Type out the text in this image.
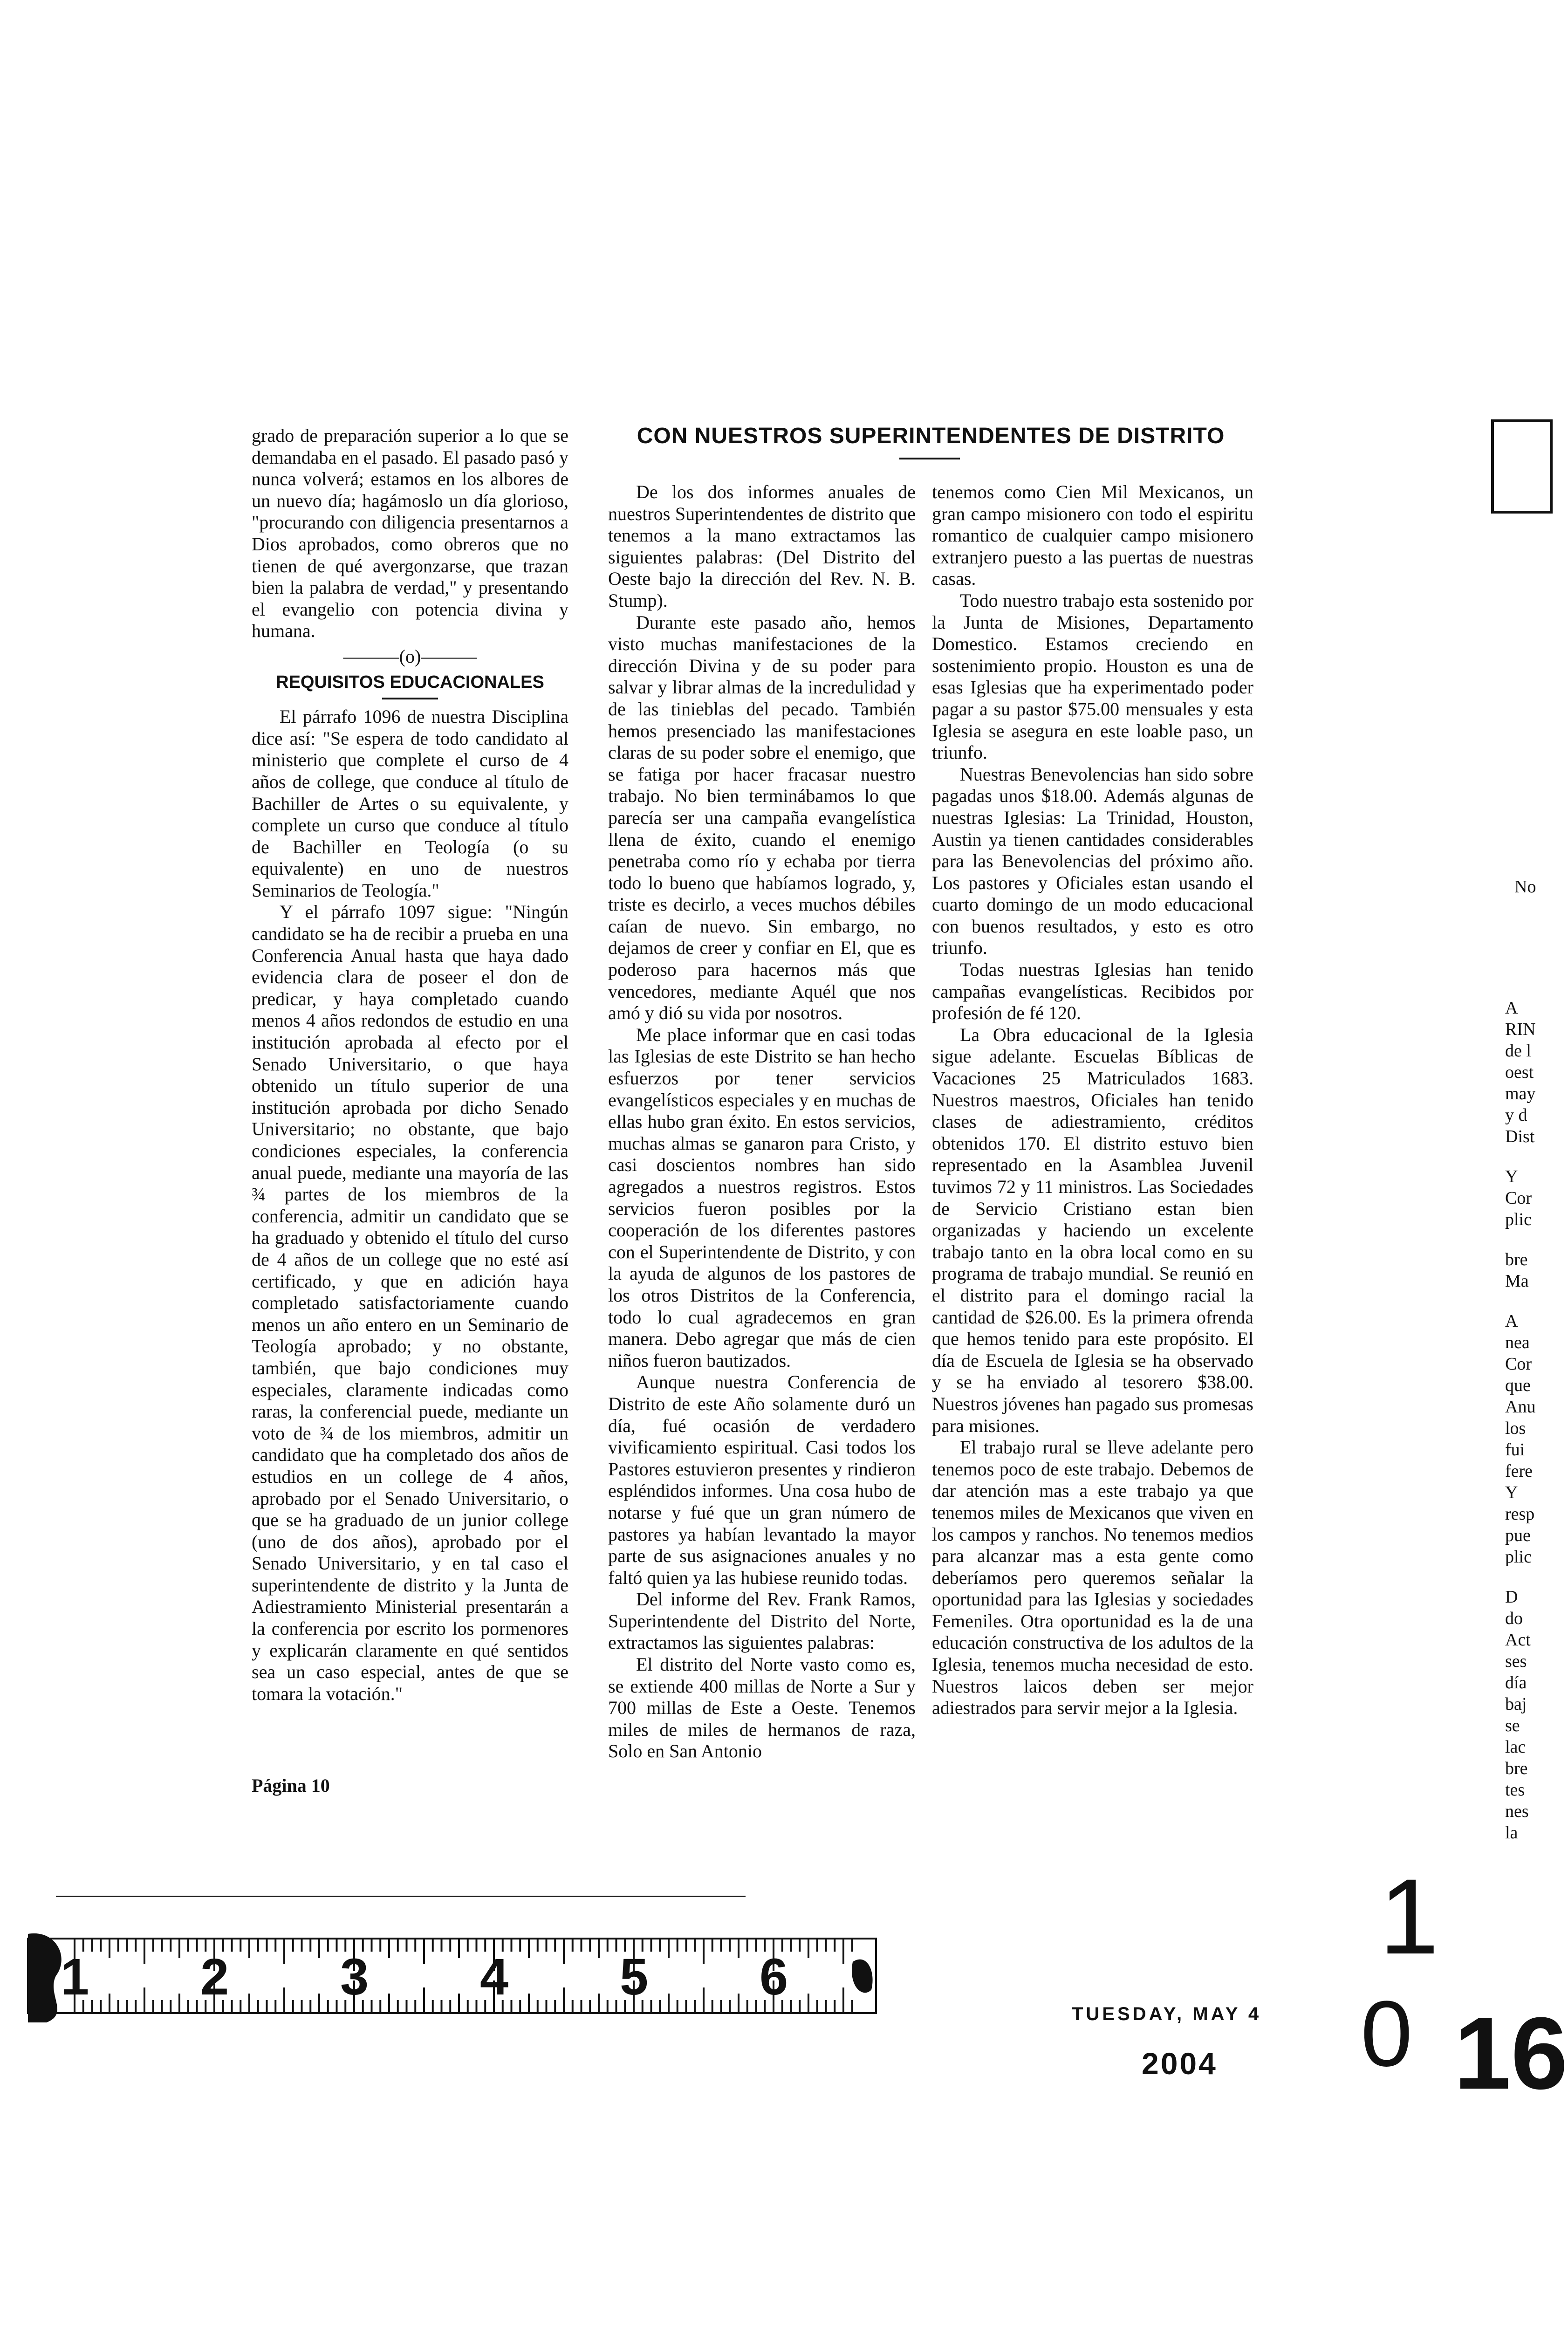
grado de preparación superior a lo que se demandaba en el pasado. El pasado pasó y nunca volverá; estamos en los albores de un nuevo día; hagámoslo un día glorioso, "procurando con diligencia presentarnos a Dios aprobados, como obreros que no tienen de qué avergonzarse, que trazan bien la palabra de verdad," y presentando el evangelio con potencia divina y humana.

———(o)———
REQUISITOS EDUCACIONALES

El párrafo 1096 de nuestra Disciplina dice así: "Se espera de todo candidato al ministerio que complete el curso de 4 años de college, que conduce al título de Bachiller de Artes o su equivalente, y complete un curso que conduce al título de Bachiller en Teología (o su equivalente) en uno de nuestros Seminarios de Teología."

Y el párrafo 1097 sigue: "Ningún candidato se ha de recibir a prueba en una Conferencia Anual hasta que haya dado evidencia clara de poseer el don de predicar, y haya completado cuando menos 4 años redondos de estudio en una institución aprobada al efecto por el Senado Universitario, o que haya obtenido un título superior de una institución aprobada por dicho Senado Universitario; no obstante, que bajo condiciones especiales, la conferencia anual puede, mediante una mayoría de las ¾ partes de los miembros de la conferencia, admitir un candidato que se ha graduado y obtenido el título del curso de 4 años de un college que no esté así certificado, y que en adición haya completado satisfactoriamente cuando menos un año entero en un Seminario de Teología aprobado; y no obstante, también, que bajo condiciones muy especiales, claramente indicadas como raras, la conferencial puede, mediante un voto de ¾ de los miembros, admitir un candidato que ha completado dos años de estudios en un college de 4 años, aprobado por el Senado Universitario, o que se ha graduado de un junior college (uno de dos años), aprobado por el Senado Universitario, y en tal caso el superintendente de distrito y la Junta de Adiestramiento Ministerial presentarán a la conferencia por escrito los pormenores y explicarán claramente en qué sentidos sea un caso especial, antes de que se tomara la votación."

CON NUESTROS SUPERINTENDENTES DE DISTRITO

De los dos informes anuales de nuestros Superintendentes de distrito que tenemos a la mano extractamos las siguientes palabras: (Del Distrito del Oeste bajo la dirección del Rev. N. B. Stump).

Durante este pasado año, hemos visto muchas manifestaciones de la dirección Divina y de su poder para salvar y librar almas de la incredulidad y de las tinieblas del pecado. También hemos presenciado las manifestaciones claras de su poder sobre el enemigo, que se fatiga por hacer fracasar nuestro trabajo. No bien terminábamos lo que parecía ser una campaña evangelística llena de éxito, cuando el enemigo penetraba como río y echaba por tierra todo lo bueno que habíamos logrado, y, triste es decirlo, a veces muchos débiles caían de nuevo. Sin embargo, no dejamos de creer y confiar en El, que es poderoso para hacernos más que vencedores, mediante Aquél que nos amó y dió su vida por nosotros.

Me place informar que en casi todas las Iglesias de este Distrito se han hecho esfuerzos por tener servicios evangelísticos especiales y en muchas de ellas hubo gran éxito. En estos servicios, muchas almas se ganaron para Cristo, y casi doscientos nombres han sido agregados a nuestros registros. Estos servicios fueron posibles por la cooperación de los diferentes pastores con el Superintendente de Distrito, y con la ayuda de algunos de los pastores de los otros Distritos de la Conferencia, todo lo cual agradecemos en gran manera. Debo agregar que más de cien niños fueron bautizados.

Aunque nuestra Conferencia de Distrito de este Año solamente duró un día, fué ocasión de verdadero vivificamiento espiritual. Casi todos los Pastores estuvieron presentes y rindieron espléndidos informes. Una cosa hubo de notarse y fué que un gran número de pastores ya habían levantado la mayor parte de sus asignaciones anuales y no faltó quien ya las hubiese reunido todas.

Del informe del Rev. Frank Ramos, Superintendente del Distrito del Norte, extractamos las siguientes palabras:

El distrito del Norte vasto como es, se extiende 400 millas de Norte a Sur y 700 millas de Este a Oeste. Tenemos miles de miles de hermanos de raza, Solo en San Antonio

tenemos como Cien Mil Mexicanos, un gran campo misionero con todo el espiritu romantico de cualquier campo misionero extranjero puesto a las puertas de nuestras casas.

Todo nuestro trabajo esta sostenido por la Junta de Misiones, Departamento Domestico. Estamos creciendo en sostenimiento propio. Houston es una de esas Iglesias que ha experimentado poder pagar a su pastor $75.00 mensuales y esta Iglesia se asegura en este loable paso, un triunfo.

Nuestras Benevolencias han sido sobre pagadas unos $18.00. Además algunas de nuestras Iglesias: La Trinidad, Houston, Austin ya tienen cantidades considerables para las Benevolencias del próximo año. Los pastores y Oficiales estan usando el cuarto domingo de un modo educacional con buenos resultados, y esto es otro triunfo.

Todas nuestras Iglesias han tenido campañas evangelísticas. Recibidos por profesión de fé 120.

La Obra educacional de la Iglesia sigue adelante. Escuelas Bíblicas de Vacaciones 25 Matriculados 1683. Nuestros maestros, Oficiales han tenido clases de adiestramiento, créditos obtenidos 170. El distrito estuvo bien representado en la Asamblea Juvenil tuvimos 72 y 11 ministros. Las Sociedades de Servicio Cristiano estan bien organizadas y haciendo un excelente trabajo tanto en la obra local como en su programa de trabajo mundial. Se reunió en el distrito para el domingo racial la cantidad de $26.00. Es la primera ofrenda que hemos tenido para este propósito. El día de Escuela de Iglesia se ha observado y se ha enviado al tesorero $38.00. Nuestros jóvenes han pagado sus promesas para misiones.

El trabajo rural se lleve adelante pero tenemos poco de este trabajo. Debemos de dar atención mas a este trabajo ya que tenemos miles de Mexicanos que viven en los campos y ranchos. No tenemos medios para alcanzar mas a esta gente como deberíamos pero queremos señalar la oportunidad para las Iglesias y sociedades Femeniles. Otra oportunidad es la de una educación constructiva de los adultos de la Iglesia, tenemos mucha necesidad de esto. Nuestros laicos deben ser mejor adiestrados para servir mejor a la Iglesia.

Página 10
1 2 3 4 5 6
TUESDAY, MAY 4
2004
1
0 16
No
A
RIN
de l
oest
may
y d
Dist
Y
Cor
plic
bre
Ma
A
nea
Cor
que
Anu
los
fui
fere
Y
resp
pue
plic
D
do
Act
ses
día
baj
se
lac
bre
tes
nes
la
